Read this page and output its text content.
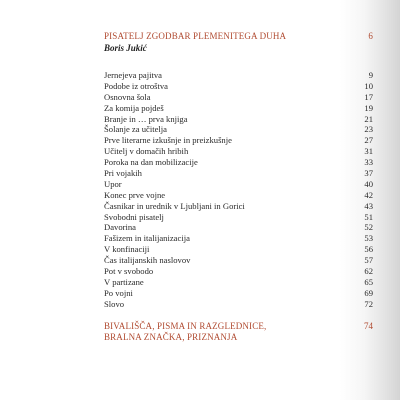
PISATELJ ZGODBAR PLEMENITEGA DUHA	6
Boris Jukić
Jernejeva pajitva	9
Podobe iz otroštva	10
Osnovna šola	17
Za komija pojdeš	19
Branje in … prva knjiga	21
Šolanje za učitelja	23
Prve literarne izkušnje in preizkušnje	27
Učitelj v domačih hribih	31
Poroka na dan mobilizacije	33
Pri vojakih	37
Upor	40
Konec prve vojne	42
Časnikar in urednik v Ljubljani in Gorici	43
Svobodni pisatelj	51
Davorina	52
Fašizem in italijanizacija	53
V konfinaciji	56
Čas italijanskih naslovov	57
Pot v svobodo	62
V partizane	65
Po vojni	69
Slovo	72
BIVALIŠČA, PISMA IN RAZGLEDNICE,
BRALNA ZNAČKA, PRIZNANJA
74
